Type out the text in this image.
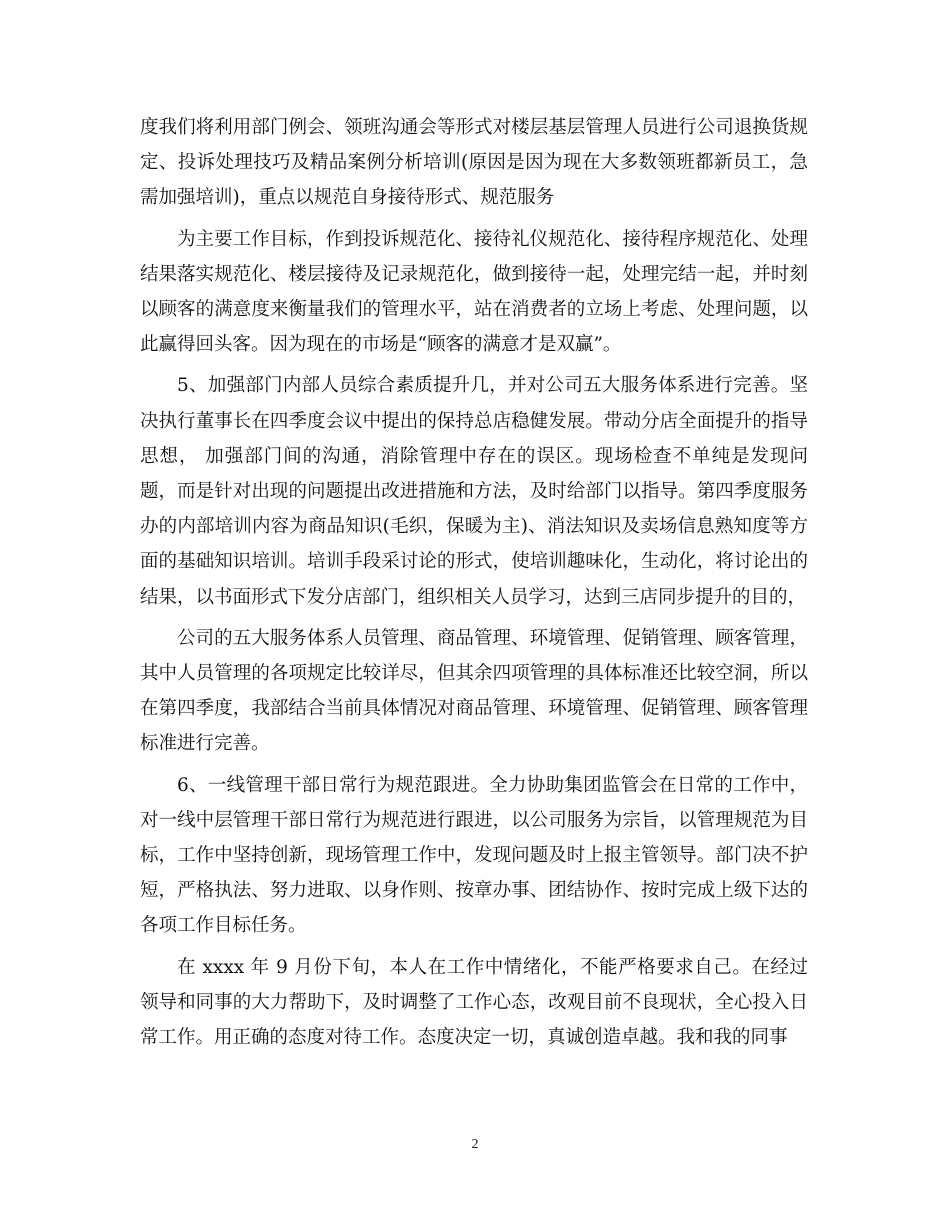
度我们将利用部门例会、领班沟通会等形式对楼层基层管理人员进行公司退换货规定、投诉处理技巧及精品案例分析培训(原因是因为现在大多数领班都新员工，急需加强培训)，重点以规范自身接待形式、规范服务

为主要工作目标，作到投诉规范化、接待礼仪规范化、接待程序规范化、处理结果落实规范化、楼层接待及记录规范化，做到接待一起，处理完结一起，并时刻以顾客的满意度来衡量我们的管理水平，站在消费者的立场上考虑、处理问题，以此赢得回头客。因为现在的市场是“顾客的满意才是双赢”。

5、加强部门内部人员综合素质提升几，并对公司五大服务体系进行完善。坚决执行董事长在四季度会议中提出的保持总店稳健发展。带动分店全面提升的指导思想， 加强部门间的沟通，消除管理中存在的误区。现场检查不单纯是发现问题，而是针对出现的问题提出改进措施和方法，及时给部门以指导。第四季度服务办的内部培训内容为商品知识(毛织，保暖为主)、消法知识及卖场信息熟知度等方面的基础知识培训。培训手段采讨论的形式，使培训趣味化，生动化，将讨论出的结果，以书面形式下发分店部门，组织相关人员学习，达到三店同步提升的目的，

公司的五大服务体系人员管理、商品管理、环境管理、促销管理、顾客管理，其中人员管理的各项规定比较详尽，但其余四项管理的具体标准还比较空洞，所以在第四季度，我部结合当前具体情况对商品管理、环境管理、促销管理、顾客管理标准进行完善。

6、一线管理干部日常行为规范跟进。全力协助集团监管会在日常的工作中，对一线中层管理干部日常行为规范进行跟进，以公司服务为宗旨，以管理规范为目标，工作中坚持创新，现场管理工作中，发现问题及时上报主管领导。部门决不护短，严格执法、努力进取、以身作则、按章办事、团结协作、按时完成上级下达的各项工作目标任务。

在 xxxx 年 9 月份下旬，本人在工作中情绪化，不能严格要求自己。在经过领导和同事的大力帮助下，及时调整了工作心态，改观目前不良现状，全心投入日常工作。用正确的态度对待工作。态度决定一切，真诚创造卓越。我和我的同事

2
